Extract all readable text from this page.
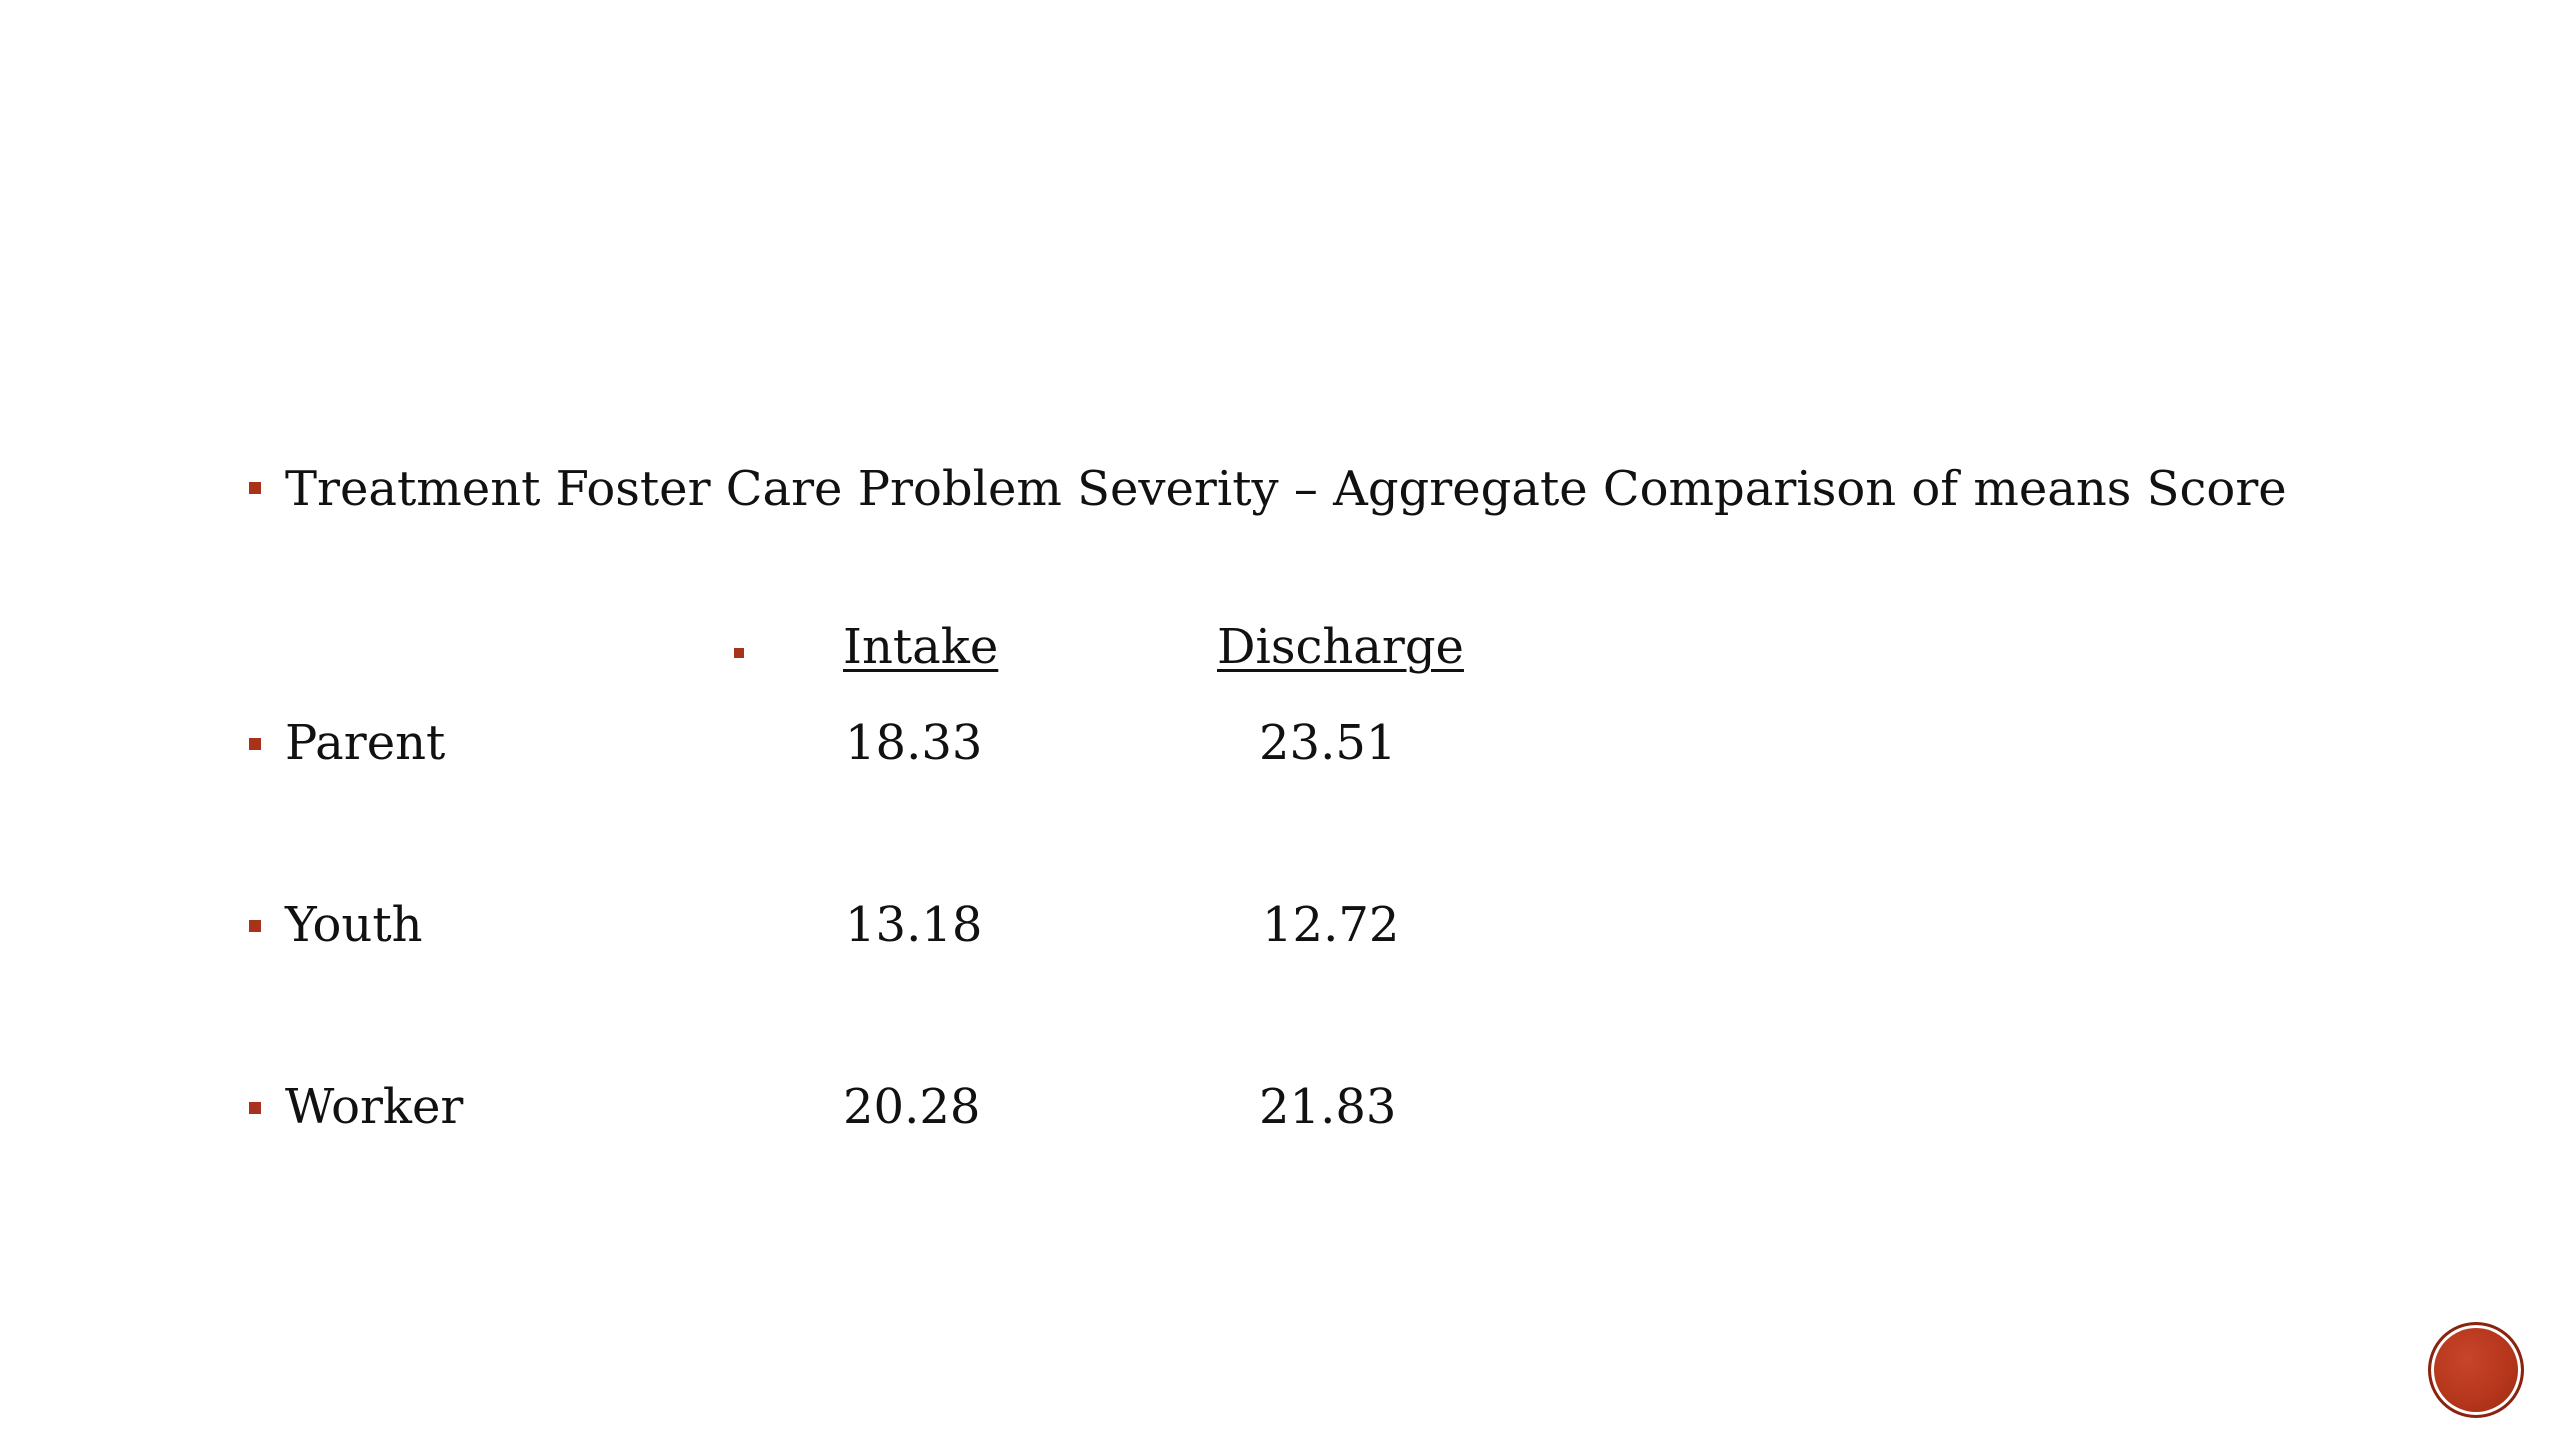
Treatment Foster Care Problem Severity – Aggregate Comparison of means Score
Intake	Discharge
Parent	18.33	23.51
Youth	13.18	12.72
Worker	20.28	21.83
